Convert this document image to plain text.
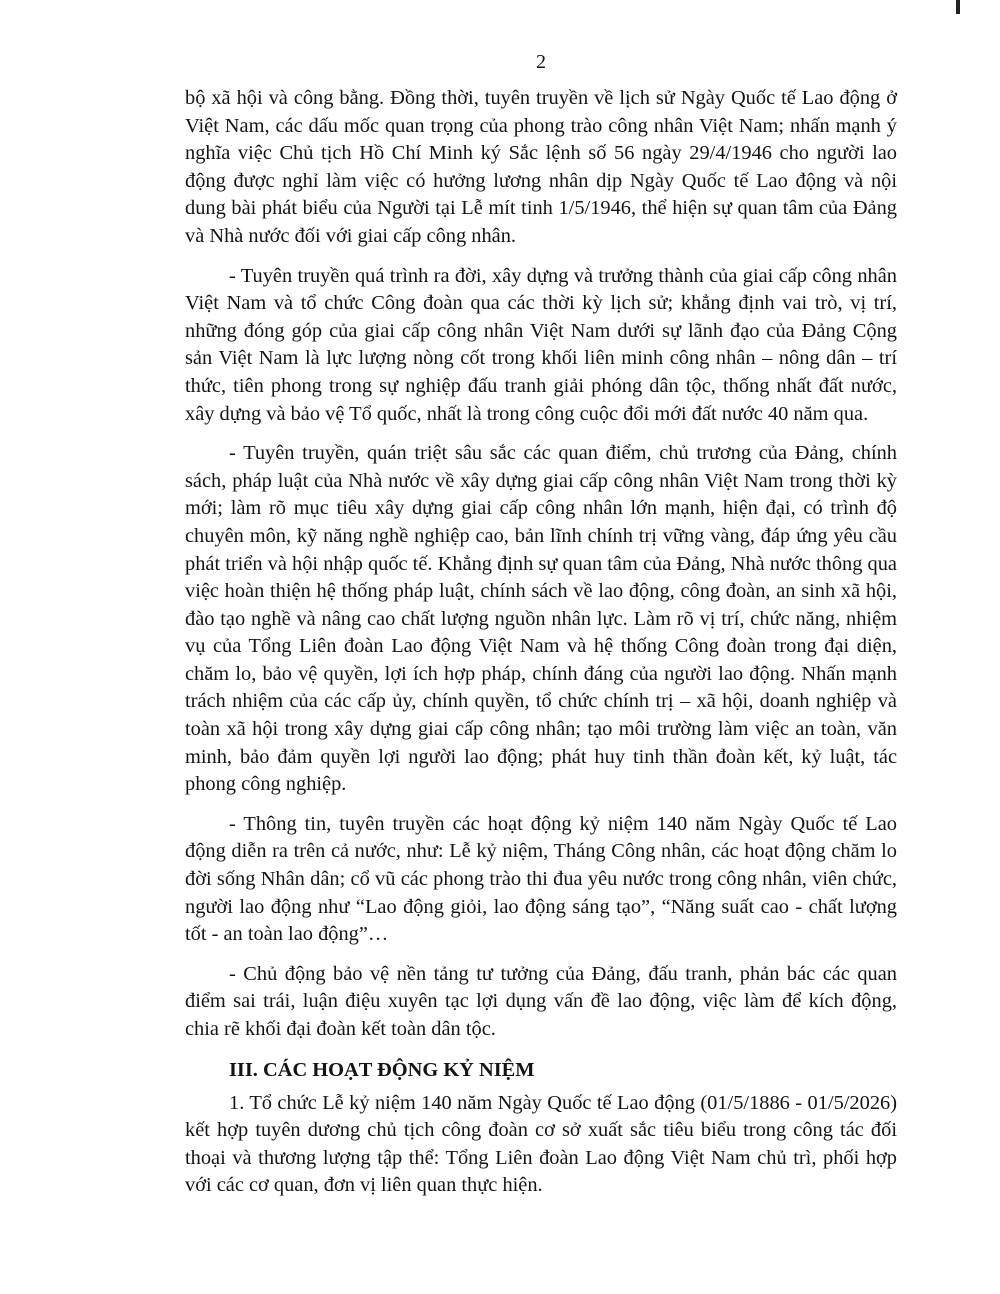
2

bộ xã hội và công bằng. Đồng thời, tuyên truyền về lịch sử Ngày Quốc tế Lao động ở Việt Nam, các dấu mốc quan trọng của phong trào công nhân Việt Nam; nhấn mạnh ý nghĩa việc Chủ tịch Hồ Chí Minh ký Sắc lệnh số 56 ngày 29/4/1946 cho người lao động được nghỉ làm việc có hưởng lương nhân dịp Ngày Quốc tế Lao động và nội dung bài phát biểu của Người tại Lễ mít tinh 1/5/1946, thể hiện sự quan tâm của Đảng và Nhà nước đối với giai cấp công nhân.

- Tuyên truyền quá trình ra đời, xây dựng và trưởng thành của giai cấp công nhân Việt Nam và tổ chức Công đoàn qua các thời kỳ lịch sử; khẳng định vai trò, vị trí, những đóng góp của giai cấp công nhân Việt Nam dưới sự lãnh đạo của Đảng Cộng sản Việt Nam là lực lượng nòng cốt trong khối liên minh công nhân – nông dân – trí thức, tiên phong trong sự nghiệp đấu tranh giải phóng dân tộc, thống nhất đất nước, xây dựng và bảo vệ Tổ quốc, nhất là trong công cuộc đổi mới đất nước 40 năm qua.

- Tuyên truyền, quán triệt sâu sắc các quan điểm, chủ trương của Đảng, chính sách, pháp luật của Nhà nước về xây dựng giai cấp công nhân Việt Nam trong thời kỳ mới; làm rõ mục tiêu xây dựng giai cấp công nhân lớn mạnh, hiện đại, có trình độ chuyên môn, kỹ năng nghề nghiệp cao, bản lĩnh chính trị vững vàng, đáp ứng yêu cầu phát triển và hội nhập quốc tế. Khẳng định sự quan tâm của Đảng, Nhà nước thông qua việc hoàn thiện hệ thống pháp luật, chính sách về lao động, công đoàn, an sinh xã hội, đào tạo nghề và nâng cao chất lượng nguồn nhân lực. Làm rõ vị trí, chức năng, nhiệm vụ của Tổng Liên đoàn Lao động Việt Nam và hệ thống Công đoàn trong đại diện, chăm lo, bảo vệ quyền, lợi ích hợp pháp, chính đáng của người lao động. Nhấn mạnh trách nhiệm của các cấp ủy, chính quyền, tổ chức chính trị – xã hội, doanh nghiệp và toàn xã hội trong xây dựng giai cấp công nhân; tạo môi trường làm việc an toàn, văn minh, bảo đảm quyền lợi người lao động; phát huy tinh thần đoàn kết, kỷ luật, tác phong công nghiệp.

- Thông tin, tuyên truyền các hoạt động kỷ niệm 140 năm Ngày Quốc tế Lao động diễn ra trên cả nước, như: Lễ kỷ niệm, Tháng Công nhân, các hoạt động chăm lo đời sống Nhân dân; cổ vũ các phong trào thi đua yêu nước trong công nhân, viên chức, người lao động như “Lao động giỏi, lao động sáng tạo”, “Năng suất cao - chất lượng tốt - an toàn lao động”…

- Chủ động bảo vệ nền tảng tư tưởng của Đảng, đấu tranh, phản bác các quan điểm sai trái, luận điệu xuyên tạc lợi dụng vấn đề lao động, việc làm để kích động, chia rẽ khối đại đoàn kết toàn dân tộc.

III. CÁC HOẠT ĐỘNG KỶ NIỆM

1. Tổ chức Lễ kỷ niệm 140 năm Ngày Quốc tế Lao động (01/5/1886 - 01/5/2026) kết hợp tuyên dương chủ tịch công đoàn cơ sở xuất sắc tiêu biểu trong công tác đối thoại và thương lượng tập thể: Tổng Liên đoàn Lao động Việt Nam chủ trì, phối hợp với các cơ quan, đơn vị liên quan thực hiện.
